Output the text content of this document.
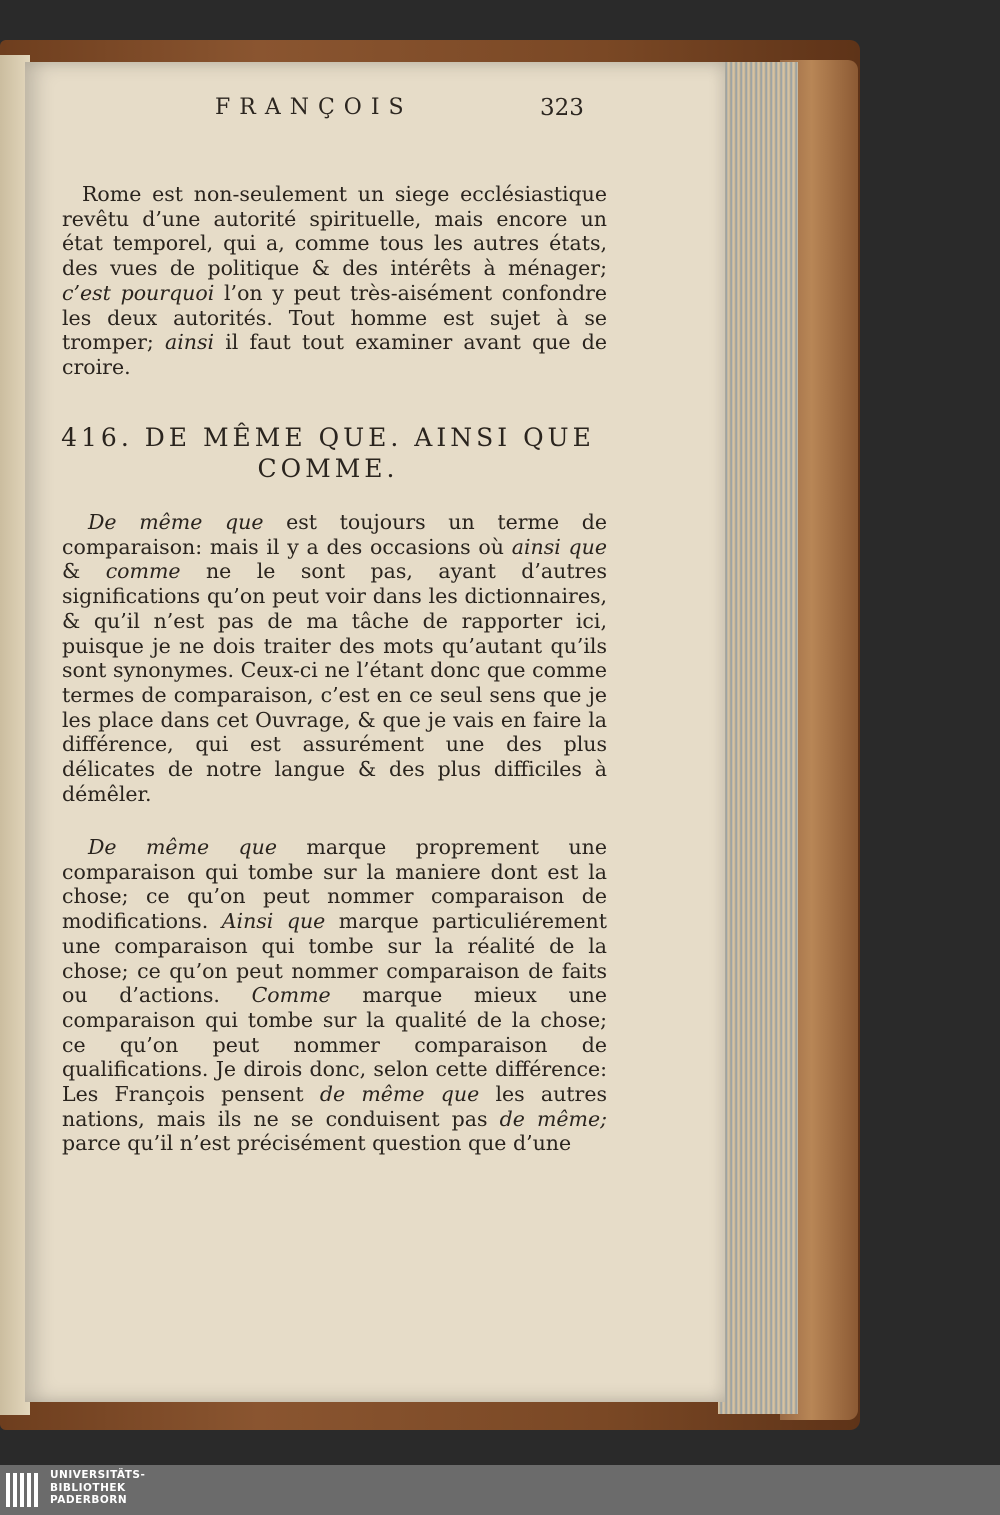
FRANÇOIS	323
Rome est non-seulement un siege ecclésiastique revêtu d’une autorité spirituelle, mais encore un état temporel, qui a, comme tous les autres états, des vues de politique & des intérêts à ménager; c’est pourquoi l’on y peut très-aisément confondre les deux autorités. Tout homme est sujet à se tromper; ainsi il faut tout examiner avant que de croire.
416. DE MÊME QUE. AINSI QUE
COMME.
De même que est toujours un terme de comparaison: mais il y a des occasions où ainsi que & comme ne le sont pas, ayant d’autres significations qu’on peut voir dans les dictionnaires, & qu’il n’est pas de ma tâche de rapporter ici, puisque je ne dois traiter des mots qu’autant qu’ils sont synonymes. Ceux-ci ne l’étant donc que comme termes de comparaison, c’est en ce seul sens que je les place dans cet Ouvrage, & que je vais en faire la différence, qui est assurément une des plus délicates de notre langue & des plus difficiles à démêler.
De même que marque proprement une comparaison qui tombe sur la maniere dont est la chose; ce qu’on peut nommer comparaison de modifications. Ainsi que marque particuliérement une comparaison qui tombe sur la réalité de la chose; ce qu’on peut nommer comparaison de faits ou d’actions. Comme marque mieux une comparaison qui tombe sur la qualité de la chose; ce qu’on peut nommer comparaison de qualifications. Je dirois donc, selon cette différence: Les François pensent de même que les autres nations, mais ils ne se conduisent pas de même; parce qu’il n’est précisément question que d’une
UNIVERSITÄTS-
BIBLIOTHEK
PADERBORN
